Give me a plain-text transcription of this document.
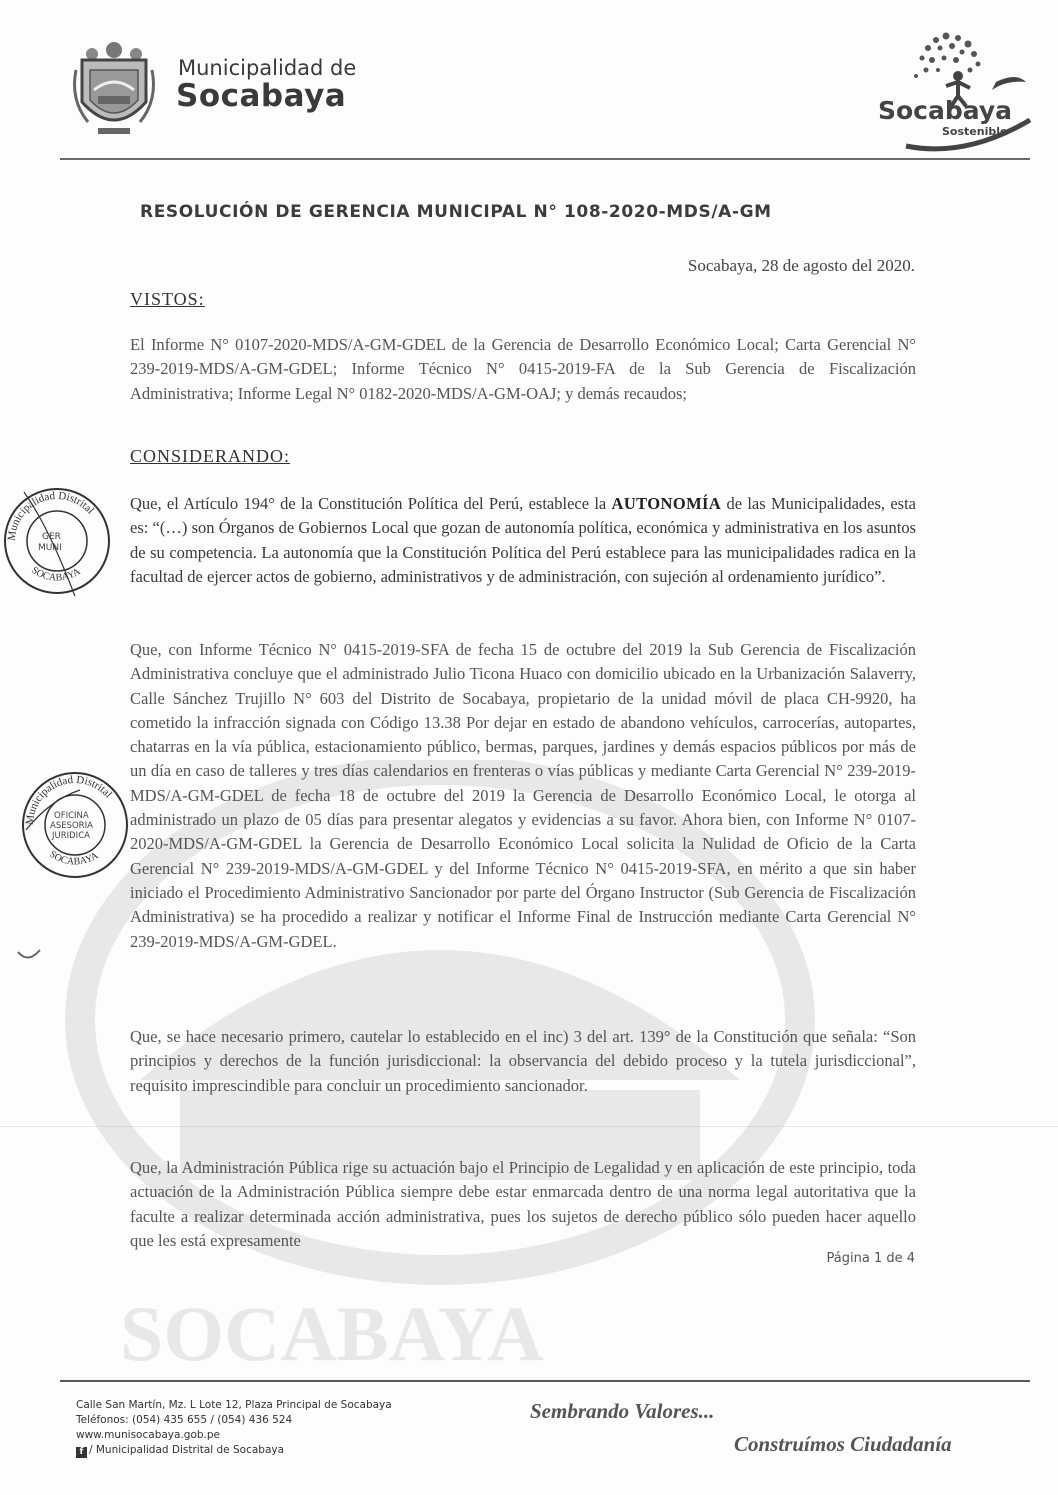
SOCABAYA
Municipalidad de
Socabaya	Socabaya
Sostenible
RESOLUCIÓN DE GERENCIA MUNICIPAL N° 108-2020-MDS/A-GM
Socabaya, 28 de agosto del 2020.
VISTOS:
El Informe N° 0107-2020-MDS/A-GM-GDEL de la Gerencia de Desarrollo Económico Local; Carta Gerencial N° 239-2019-MDS/A-GM-GDEL; Informe Técnico N° 0415-2019-FA de la Sub Gerencia de Fiscalización Administrativa; Informe Legal N° 0182-2020-MDS/A-GM-OAJ; y demás recaudos;
CONSIDERANDO:
Que, el Artículo 194° de la Constitución Política del Perú, establece la AUTONOMÍA de las Municipalidades, esta es: “(…) son Órganos de Gobiernos Local que gozan de autonomía política, económica y administrativa en los asuntos de su competencia. La autonomía que la Constitución Política del Perú establece para las municipalidades radica en la facultad de ejercer actos de gobierno, administrativos y de administración, con sujeción al ordenamiento jurídico”.
Que, con Informe Técnico N° 0415-2019-SFA de fecha 15 de octubre del 2019 la Sub Gerencia de Fiscalización Administrativa concluye que el administrado Julio Ticona Huaco con domicilio ubicado en la Urbanización Salaverry, Calle Sánchez Trujillo N° 603 del Distrito de Socabaya, propietario de la unidad móvil de placa CH-9920, ha cometido la infracción signada con Código 13.38 Por dejar en estado de abandono vehículos, carrocerías, autopartes, chatarras en la vía pública, estacionamiento público, bermas, parques, jardines y demás espacios públicos por más de un día en caso de talleres y tres días calendarios en frenteras o vías públicas y mediante Carta Gerencial N° 239-2019-MDS/A-GM-GDEL de fecha 18 de octubre del 2019 la Gerencia de Desarrollo Económico Local, le otorga al administrado un plazo de 05 días para presentar alegatos y evidencias a su favor. Ahora bien, con Informe N° 0107-2020-MDS/A-GM-GDEL la Gerencia de Desarrollo Económico Local solicita la Nulidad de Oficio de la Carta Gerencial N° 239-2019-MDS/A-GM-GDEL y del Informe Técnico N° 0415-2019-SFA, en mérito a que sin haber iniciado el Procedimiento Administrativo Sancionador por parte del Órgano Instructor (Sub Gerencia de Fiscalización Administrativa) se ha procedido a realizar y notificar el Informe Final de Instrucción mediante Carta Gerencial N° 239-2019-MDS/A-GM-GDEL.
Que, se hace necesario primero, cautelar lo establecido en el inc) 3 del art. 139° de la Constitución que señala: “Son principios y derechos de la función jurisdiccional: la observancia del debido proceso y la tutela jurisdiccional”, requisito imprescindible para concluir un procedimiento sancionador.
Que, la Administración Pública rige su actuación bajo el Principio de Legalidad y en aplicación de este principio, toda actuación de la Administración Pública siempre debe estar enmarcada dentro de una norma legal autoritativa que la faculte a realizar determinada acción administrativa, pues los sujetos de derecho público sólo pueden hacer aquello que les está expresamente
Municipalidad Distrital
SOCABAYA
GER
MUNI
Municipalidad Distrital
SOCABAYA
OFICINA
ASESORIA
JURIDICA
Página 1 de 4
Calle San Martín, Mz. L Lote 12, Plaza Principal de Socabaya
Teléfonos: (054) 435 655 / (054) 436 524
www.munisocabaya.gob.pe
f / Municipalidad Distrital de Socabaya
Sembrando Valores...
Construímos Ciudadanía
